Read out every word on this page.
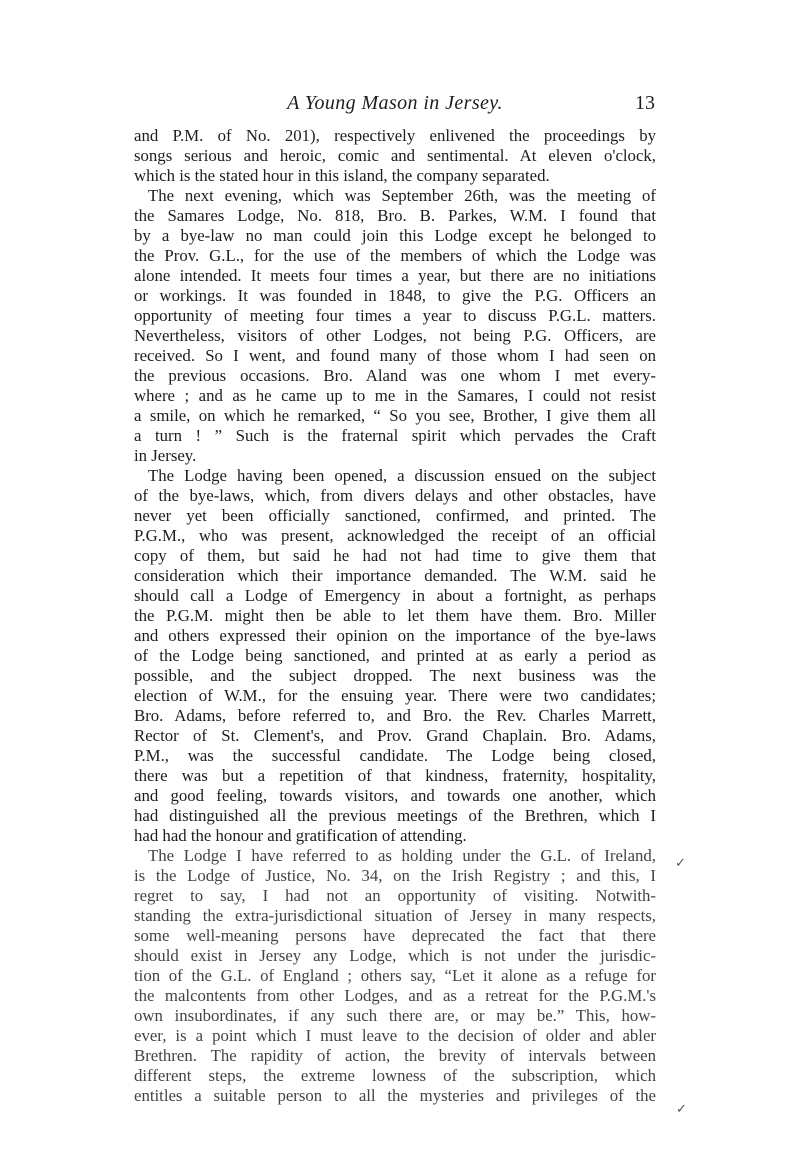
A Young Mason in Jersey.	13
and P.M. of No. 201), respectively enlivened the proceedings by
songs serious and heroic, comic and sentimental. At eleven o'clock,
which is the stated hour in this island, the company separated.
The next evening, which was September 26th, was the meeting of
the Samares Lodge, No. 818, Bro. B. Parkes, W.M. I found that
by a bye-law no man could join this Lodge except he belonged to
the Prov. G.L., for the use of the members of which the Lodge was
alone intended. It meets four times a year, but there are no initiations
or workings. It was founded in 1848, to give the P.G. Officers an
opportunity of meeting four times a year to discuss P.G.L. matters.
Nevertheless, visitors of other Lodges, not being P.G. Officers, are
received. So I went, and found many of those whom I had seen on
the previous occasions. Bro. Aland was one whom I met every-
where ; and as he came up to me in the Samares, I could not resist
a smile, on which he remarked, “ So you see, Brother, I give them all
a turn ! ” Such is the fraternal spirit which pervades the Craft
in Jersey.
The Lodge having been opened, a discussion ensued on the subject
of the bye-laws, which, from divers delays and other obstacles, have
never yet been officially sanctioned, confirmed, and printed. The
P.G.M., who was present, acknowledged the receipt of an official
copy of them, but said he had not had time to give them that
consideration which their importance demanded. The W.M. said he
should call a Lodge of Emergency in about a fortnight, as perhaps
the P.G.M. might then be able to let them have them. Bro. Miller
and others expressed their opinion on the importance of the bye-laws
of the Lodge being sanctioned, and printed at as early a period as
possible, and the subject dropped. The next business was the
election of W.M., for the ensuing year. There were two candidates;
Bro. Adams, before referred to, and Bro. the Rev. Charles Marrett,
Rector of St. Clement's, and Prov. Grand Chaplain. Bro. Adams,
P.M., was the successful candidate. The Lodge being closed,
there was but a repetition of that kindness, fraternity, hospitality,
and good feeling, towards visitors, and towards one another, which
had distinguished all the previous meetings of the Brethren, which I
had had the honour and gratification of attending.
The Lodge I have referred to as holding under the G.L. of Ireland,
is the Lodge of Justice, No. 34, on the Irish Registry ; and this, I
regret to say, I had not an opportunity of visiting. Notwith-
standing the extra-jurisdictional situation of Jersey in many respects,
some well-meaning persons have deprecated the fact that there
should exist in Jersey any Lodge, which is not under the jurisdic-
tion of the G.L. of England ; others say, “Let it alone as a refuge for
the malcontents from other Lodges, and as a retreat for the P.G.M.'s
own insubordinates, if any such there are, or may be.” This, how-
ever, is a point which I must leave to the decision of older and abler
Brethren. The rapidity of action, the brevity of intervals between
different steps, the extreme lowness of the subscription, which
entitles a suitable person to all the mysteries and privileges of the
✓
✓
